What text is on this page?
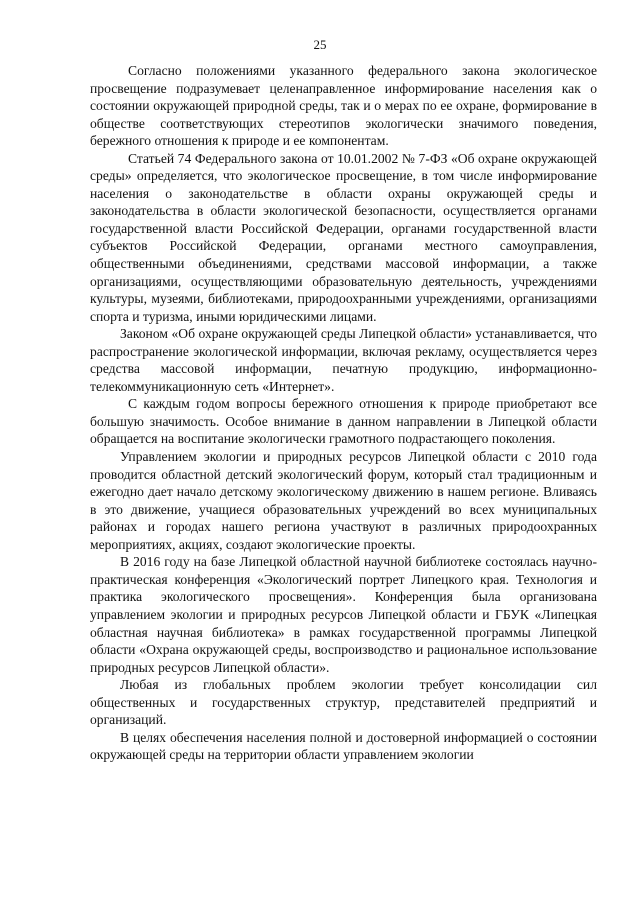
25

Согласно положениями указанного федерального закона экологическое просвещение подразумевает целенаправленное информирование населения как о состоянии окружающей природной среды, так и о мерах по ее охране, формирование в обществе соответствующих стереотипов экологически значимого поведения, бережного отношения к природе и ее компонентам.

Статьей 74 Федерального закона от 10.01.2002 № 7-ФЗ «Об охране окружающей среды» определяется, что экологическое просвещение, в том числе информирование населения о законодательстве в области охраны окружающей среды и законодательства в области экологической безопасности, осуществляется органами государственной власти Российской Федерации, органами государственной власти субъектов Российской Федерации, органами местного самоуправления, общественными объединениями, средствами массовой информации, а также организациями, осуществляющими образовательную деятельность, учреждениями культуры, музеями, библиотеками, природоохранными учреждениями, организациями спорта и туризма, иными юридическими лицами.

Законом «Об охране окружающей среды Липецкой области» устанавливается, что распространение экологической информации, включая рекламу, осуществляется через средства массовой информации, печатную продукцию, информационно-телекоммуникационную сеть «Интернет».

С каждым годом вопросы бережного отношения к природе приобретают все большую значимость. Особое внимание в данном направлении в Липецкой области обращается на воспитание экологически грамотного подрастающего поколения.

Управлением экологии и природных ресурсов Липецкой области с 2010 года проводится областной детский экологический форум, который стал традиционным и ежегодно дает начало детскому экологическому движению в нашем регионе. Вливаясь в это движение, учащиеся образовательных учреждений во всех муниципальных районах и городах нашего региона участвуют в различных природоохранных мероприятиях, акциях, создают экологические проекты.

В 2016 году на базе Липецкой областной научной библиотеке состоялась научно-практическая конференция «Экологический портрет Липецкого края. Технология и практика экологического просвещения». Конференция была организована управлением экологии и природных ресурсов Липецкой области и ГБУК «Липецкая областная научная библиотека» в рамках государственной программы Липецкой области «Охрана окружающей среды, воспроизводство и рациональное использование природных ресурсов Липецкой области».

Любая из глобальных проблем экологии требует консолидации сил общественных и государственных структур, представителей предприятий и организаций.

В целях обеспечения населения полной и достоверной информацией о состоянии окружающей среды на территории области управлением экологии
